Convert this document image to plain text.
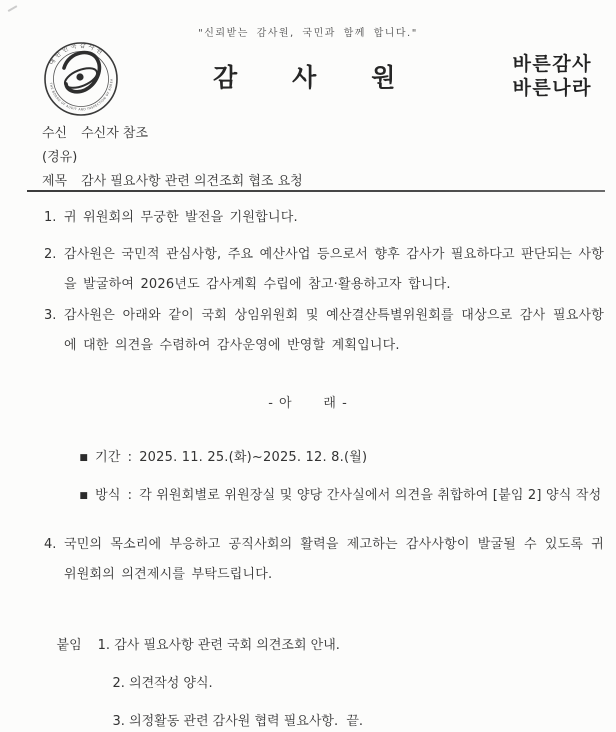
"신뢰받는 감사원, 국민과 함께 합니다."
대한민국감사원
THE BOARD OF AUDIT AND INSPECTION OF KOREA	감사원	바른감사
바른나라
수신 수신자 참조
(경유)
제목 감사 필요사항 관련 의견조회 협조 요청
1. 귀 위원회의 무궁한 발전을 기원합니다.
2. 감사원은 국민적 관심사항, 주요 예산사업 등으로서 향후 감사가 필요하다고 판단되는 사항을 발굴하여 2026년도 감사계획 수립에 참고·활용하고자 합니다.
3. 감사원은 아래와 같이 국회 상임위원회 및 예산결산특별위원회를 대상으로 감사 필요사항에 대한 의견을 수렴하여 감사운영에 반영할 계획입니다.
- 아      래 -

■ 기간 : 2025. 11. 25.(화)~2025. 12. 8.(월)

■ 방식 : 각 위원회별로 위원장실 및 양당 간사실에서 의견을 취합하여 [붙임 2] 양식 작성

4. 국민의 목소리에 부응하고 공직사회의 활력을 제고하는 감사사항이 발굴될 수 있도록 귀 위원회의 의견제시를 부탁드립니다.

붙임 1. 감사 필요사항 관련 국회 의견조회 안내.

2. 의견작성 양식.

3. 의정활동 관련 감사원 협력 필요사항.  끝.
